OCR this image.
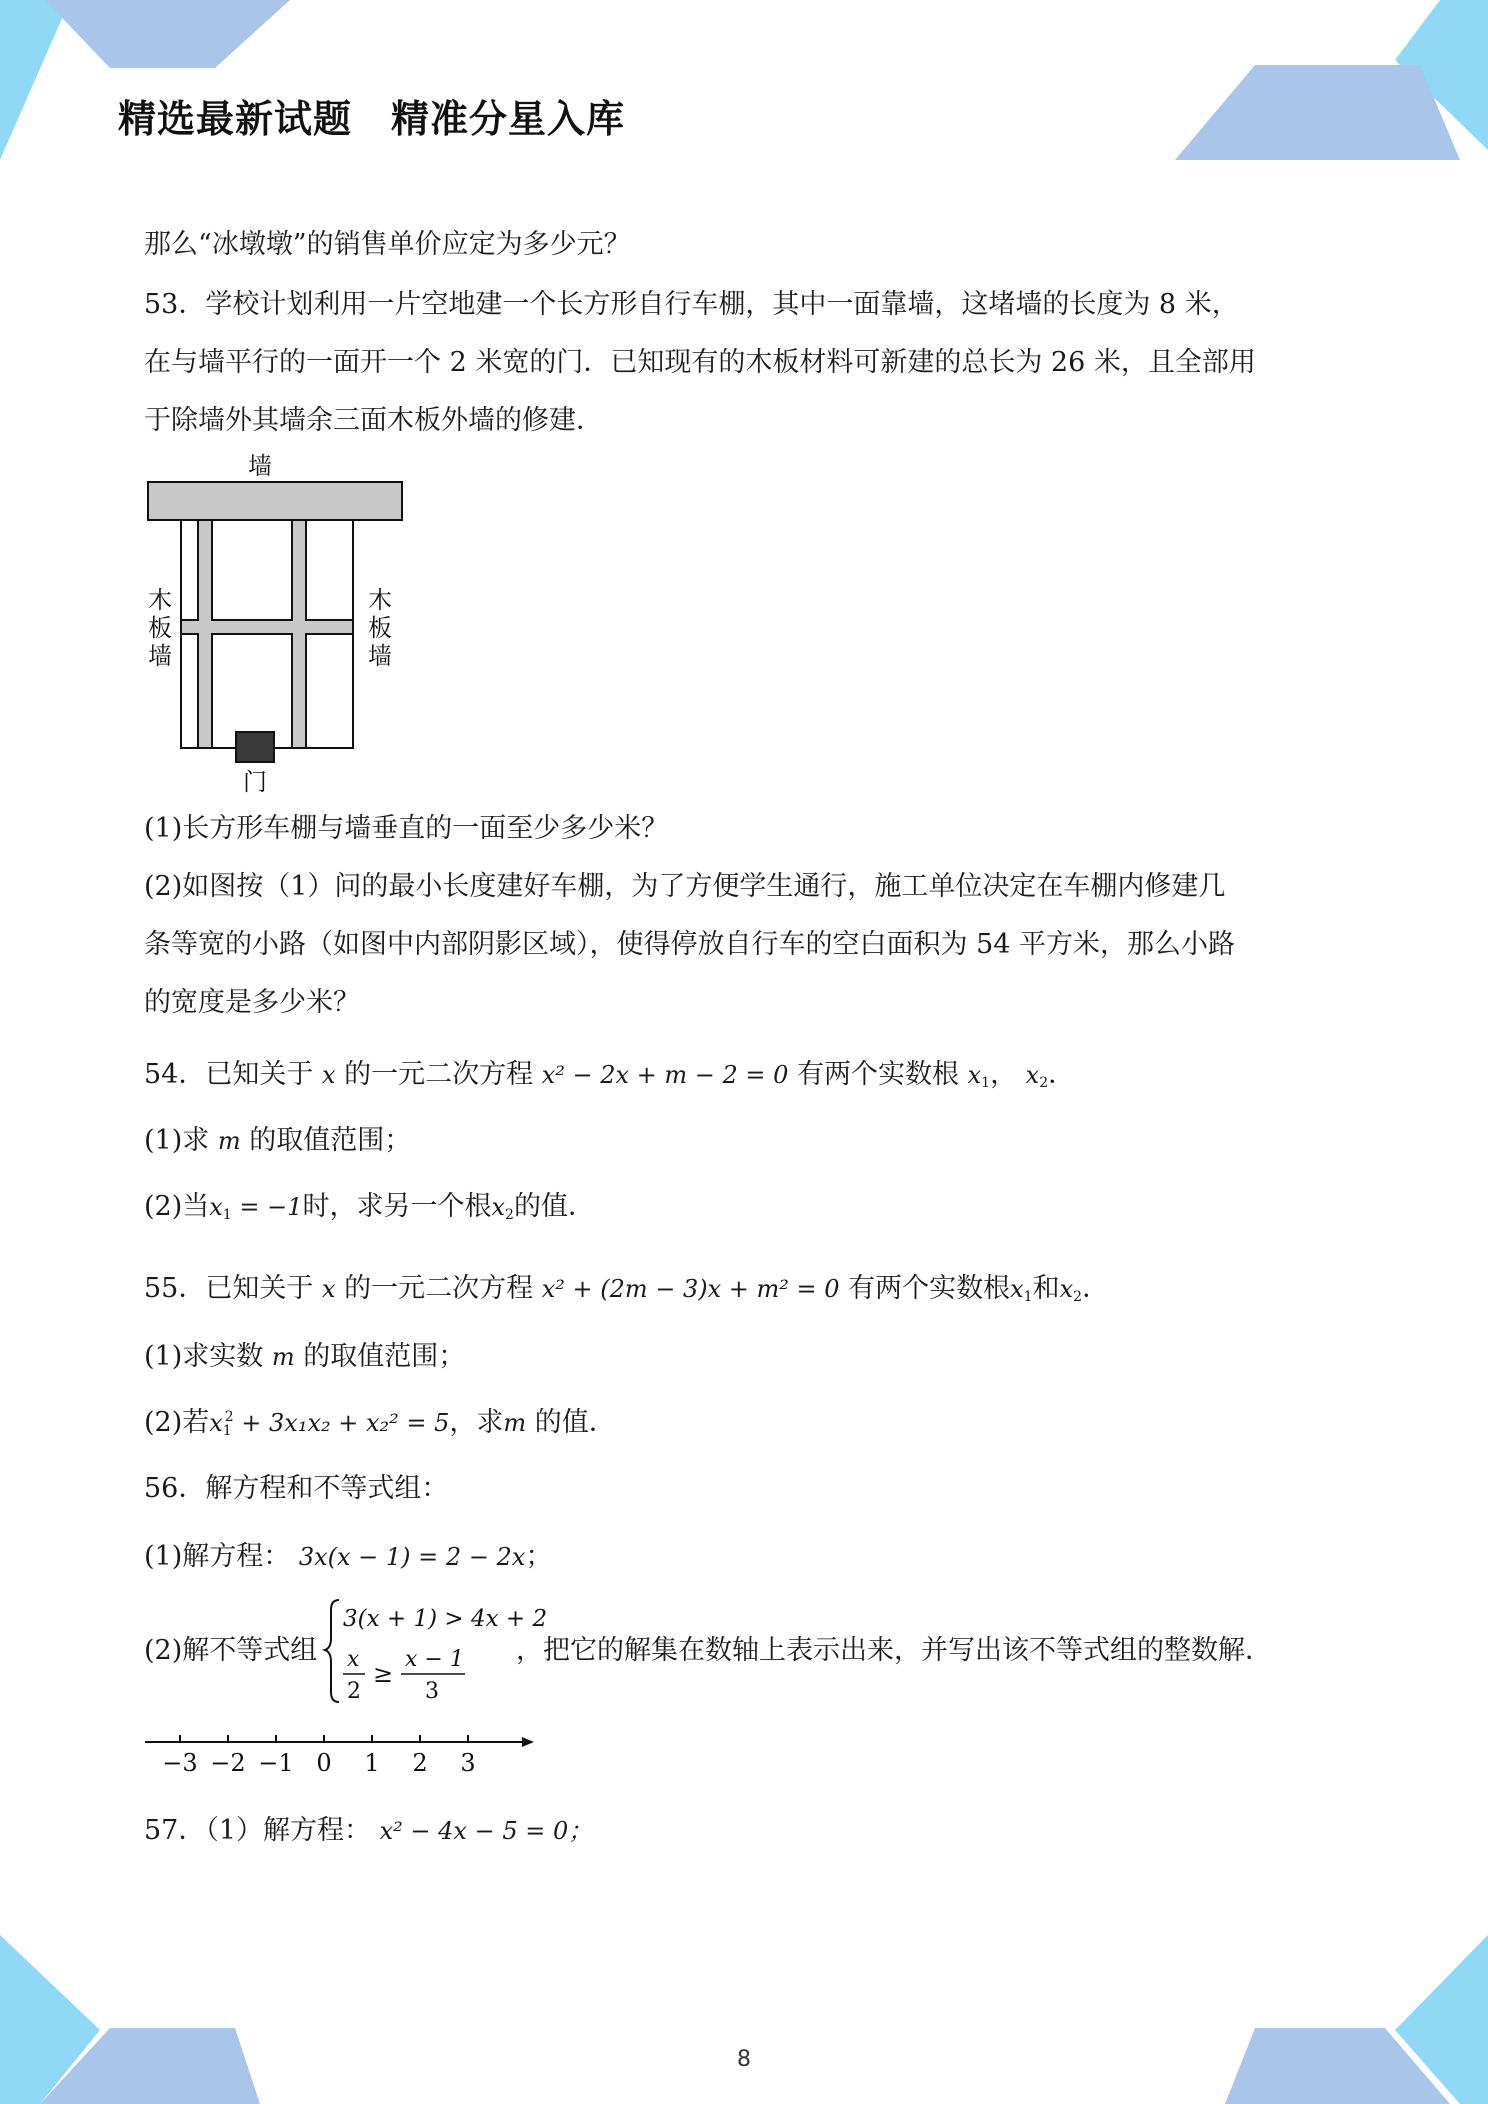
精选最新试题　精准分星入库
那么“冰墩墩”的销售单价应定为多少元？
53．学校计划利用一片空地建一个长方形自行车棚，其中一面靠墙，这堵墙的长度为 8 米，
在与墙平行的一面开一个 2 米宽的门．已知现有的木板材料可新建的总长为 26 米，且全部用
于除墙外其墙余三面木板外墙的修建．
墙
门
木
板
墙
木
板
墙
(1)长方形车棚与墙垂直的一面至少多少米？
(2)如图按（1）问的最小长度建好车棚，为了方便学生通行，施工单位决定在车棚内修建几
条等宽的小路（如图中内部阴影区域），使得停放自行车的空白面积为 54 平方米，那么小路
的宽度是多少米？
54．已知关于 x 的一元二次方程 x² − 2x + m − 2 = 0 有两个实数根 $x_1$， $x_2$．
(1)求 m 的取值范围；
(2)当$x_1 = -1$时，求另一个根$x_2$的值．
55．已知关于 x 的一元二次方程 x² + (2m − 3)x + m² = 0 有两个实数根$x_1$和$x_2$．
(1)求实数 m 的取值范围；
(2)若$x_1^2 + 3x_1x_2 + x_2^2 = 5$，求m 的值．
56．解方程和不等式组：
(1)解方程： 3x(x − 1) = 2 − 2x；
(2)解不等式组	，把它的解集在数轴上表示出来，并写出该不等式组的整数解．
3(x + 1) > 4x + 2
x
2
≥
x − 1
3
−3 −2 −1 0 1 2 3
57．（1）解方程： x² − 4x − 5 = 0；
8
